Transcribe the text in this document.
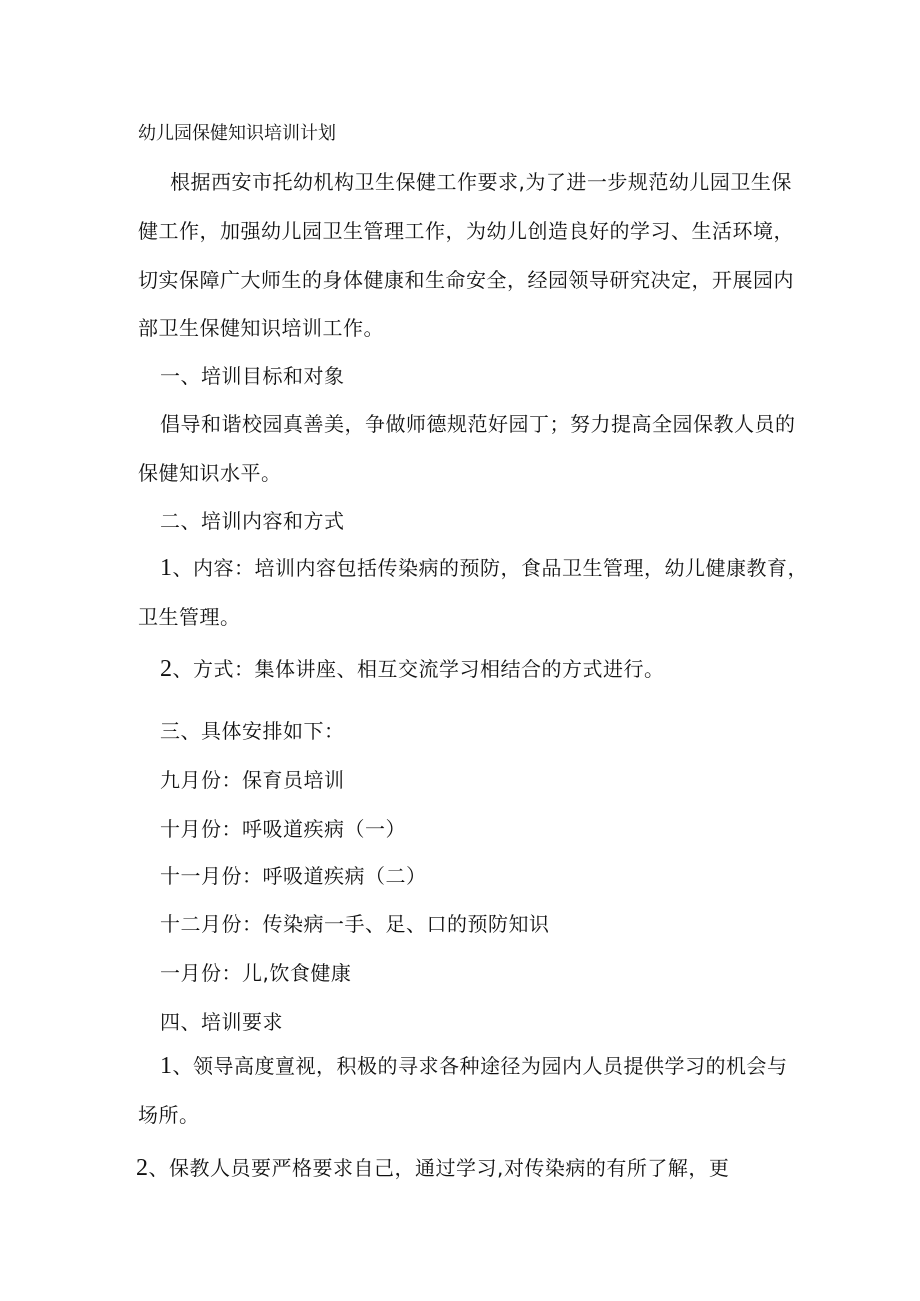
幼儿园保健知识培训计划
根据西安市托幼机构卫生保健工作要求,为了进一步规范幼儿园卫生保
健工作，加强幼儿园卫生管理工作，为幼儿创造良好的学习、生活环境，
切实保障广大师生的身体健康和生命安全，经园领导研究决定，开展园内
部卫生保健知识培训工作。
一、培训目标和对象
倡导和谐校园真善美，争做师德规范好园丁；努力提高全园保教人员的
保健知识水平。
二、培训内容和方式
1、内容：培训内容包括传染病的预防，食品卫生管理，幼儿健康教育，
卫生管理。
2、方式：集体讲座、相互交流学习相结合的方式进行。
三、具体安排如下：
九月份：保育员培训
十月份：呼吸道疾病（一）
十一月份：呼吸道疾病（二）
十二月份：传染病一手、足、口的预防知识
一月份：儿,饮食健康
四、培训要求
1、领导高度亶视，积极的寻求各种途径为园内人员提供学习的机会与
场所。
2、保教人员要严格要求自己，通过学习,对传染病的有所了解，更
